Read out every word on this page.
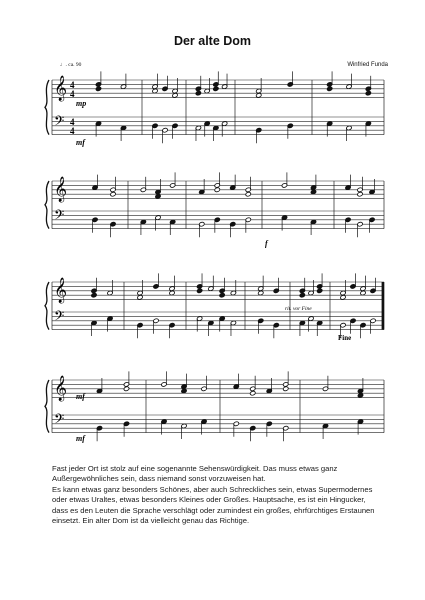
Der alte Dom
Winfried Funda
♩. ca. 90
𝄞
𝄢
4
4
4
4
𝄞
𝄢
𝄞
𝄢
𝄞
𝄢
mp
mf
f
rit. vor Fine
Fine
mf
mf

Fast jeder Ort ist stolz auf eine sogenannte Sehenswürdigkeit. Das muss etwas ganz Außergewöhnliches sein, dass niemand sonst vorzuweisen hat.

Es kann etwas ganz besonders Schönes, aber auch Schreckliches sein, etwas Supermodernes oder etwas Uraltes, etwas besonders Kleines oder Großes. Hauptsache, es ist ein Hingucker, dass es den Leuten die Sprache verschlägt oder zumindest ein großes, ehrfürchtiges Erstaunen einsetzt. Ein alter Dom ist da vielleicht genau das Richtige.
